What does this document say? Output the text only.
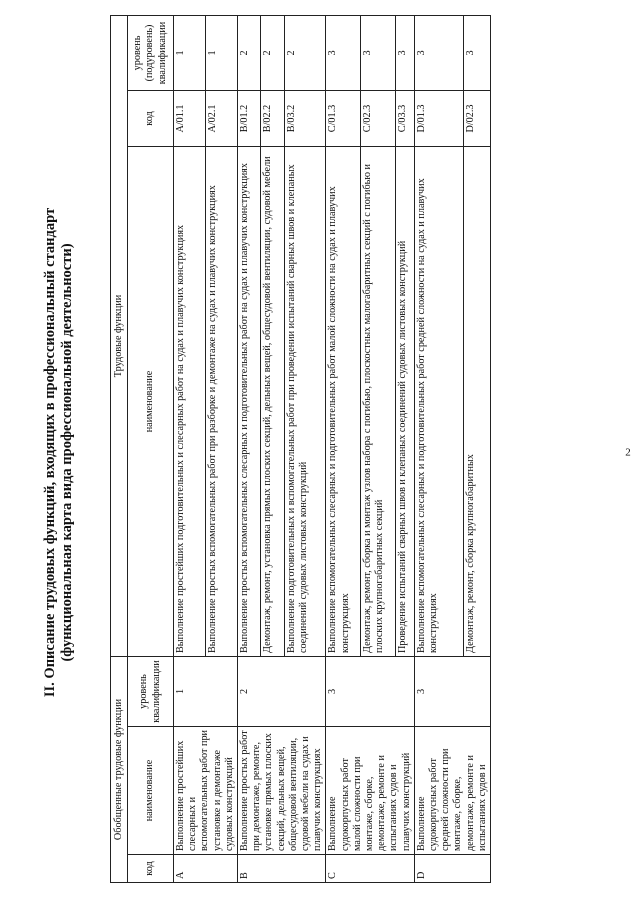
2
II. Описание трудовых функций, входящих в профессиональный стандарт (функциональная карта вида профессиональной деятельности)
Обобщенные трудовые функции			Трудовые функции		
код	наименование	уровень квалификации	наименование	код	уровень (подуровень) квалификации
A	Выполнение простейших слесарных и вспомогательных работ при установке и демонтаже судовых конструкций	1	Выполнение простейших подготовительных и слесарных работ на судах и плавучих конструкциях	A/01.1	1
			Выполнение простых вспомогательных работ при разборке и демонтаже на судах и плавучих конструкциях	A/02.1	1
B	Выполнение простых работ при демонтаже, ремонте, установке прямых плоских секций, дельных вещей, общесудовой вентиляции, судовой мебели на судах и плавучих конструкциях	2	Выполнение простых вспомогательных слесарных и подготовительных работ на судах и плавучих конструкциях	B/01.2	2
			Демонтаж, ремонт, установка прямых плоских секций, дельных вещей, общесудовой вентиляции, судовой мебели	B/02.2	2
			Выполнение подготовительных и вспомогательных работ при проведении испытаний сварных швов и клепаных соединений судовых листовых конструкций	B/03.2	2
C	Выполнение судокорпусных работ малой сложности при монтаже, сборке, демонтаже, ремонте и испытаниях судов и плавучих конструкций	3	Выполнение вспомогательных слесарных и подготовительных работ малой сложности на судах и плавучих конструкциях	C/01.3	3
			Демонтаж, ремонт, сборка и монтаж узлов набора с погибью, плоскостных малогабаритных секций с погибью и плоских крупногабаритных секций	C/02.3	3
			Проведение испытаний сварных швов и клепаных соединений судовых листовых конструкций	C/03.3	3
D	Выполнение судокорпусных работ средней сложности при монтаже, сборке, демонтаже, ремонте и испытаниях судов и	3	Выполнение вспомогательных слесарных и подготовительных работ средней сложности на судах и плавучих конструкциях	D/01.3	3
			Демонтаж, ремонт, сборка крупногабаритных	D/02.3	3
